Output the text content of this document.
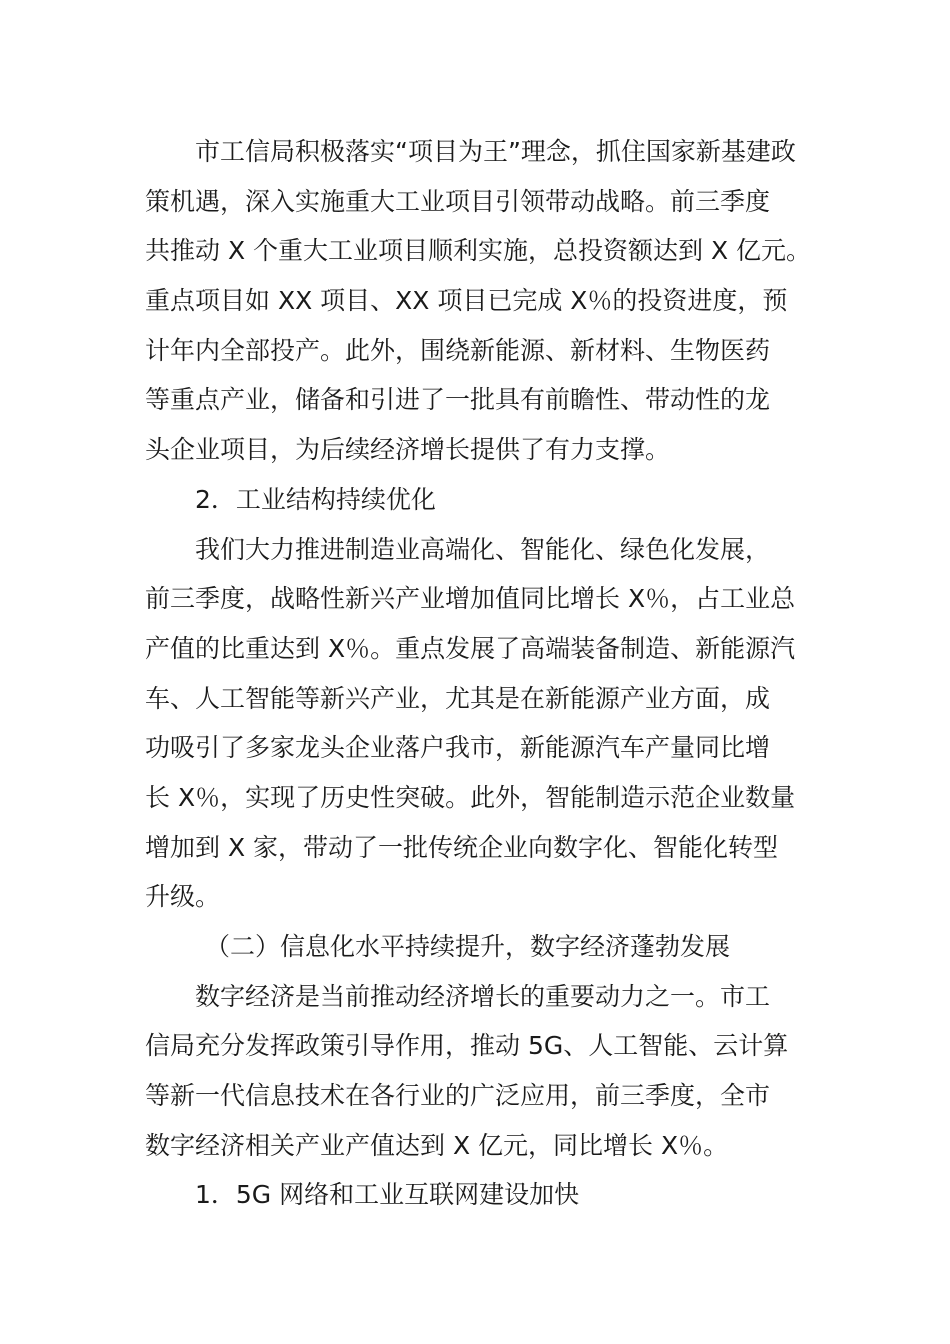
市工信局积极落实“项目为王”理念，抓住国家新基建政
策机遇，深入实施重大工业项目引领带动战略。前三季度
共推动 X 个重大工业项目顺利实施，总投资额达到 X 亿元。
重点项目如 XX 项目、XX 项目已完成 X％的投资进度，预
计年内全部投产。此外，围绕新能源、新材料、生物医药
等重点产业，储备和引进了一批具有前瞻性、带动性的龙
头企业项目，为后续经济增长提供了有力支撑。
2．工业结构持续优化
我们大力推进制造业高端化、智能化、绿色化发展，
前三季度，战略性新兴产业增加值同比增长 X％，占工业总
产值的比重达到 X％。重点发展了高端装备制造、新能源汽
车、人工智能等新兴产业，尤其是在新能源产业方面，成
功吸引了多家龙头企业落户我市，新能源汽车产量同比增
长 X％，实现了历史性突破。此外，智能制造示范企业数量
增加到 X 家，带动了一批传统企业向数字化、智能化转型
升级。
（二）信息化水平持续提升，数字经济蓬勃发展
数字经济是当前推动经济增长的重要动力之一。市工
信局充分发挥政策引导作用，推动 5G、人工智能、云计算
等新一代信息技术在各行业的广泛应用，前三季度，全市
数字经济相关产业产值达到 X 亿元，同比增长 X％。
1．5G 网络和工业互联网建设加快
